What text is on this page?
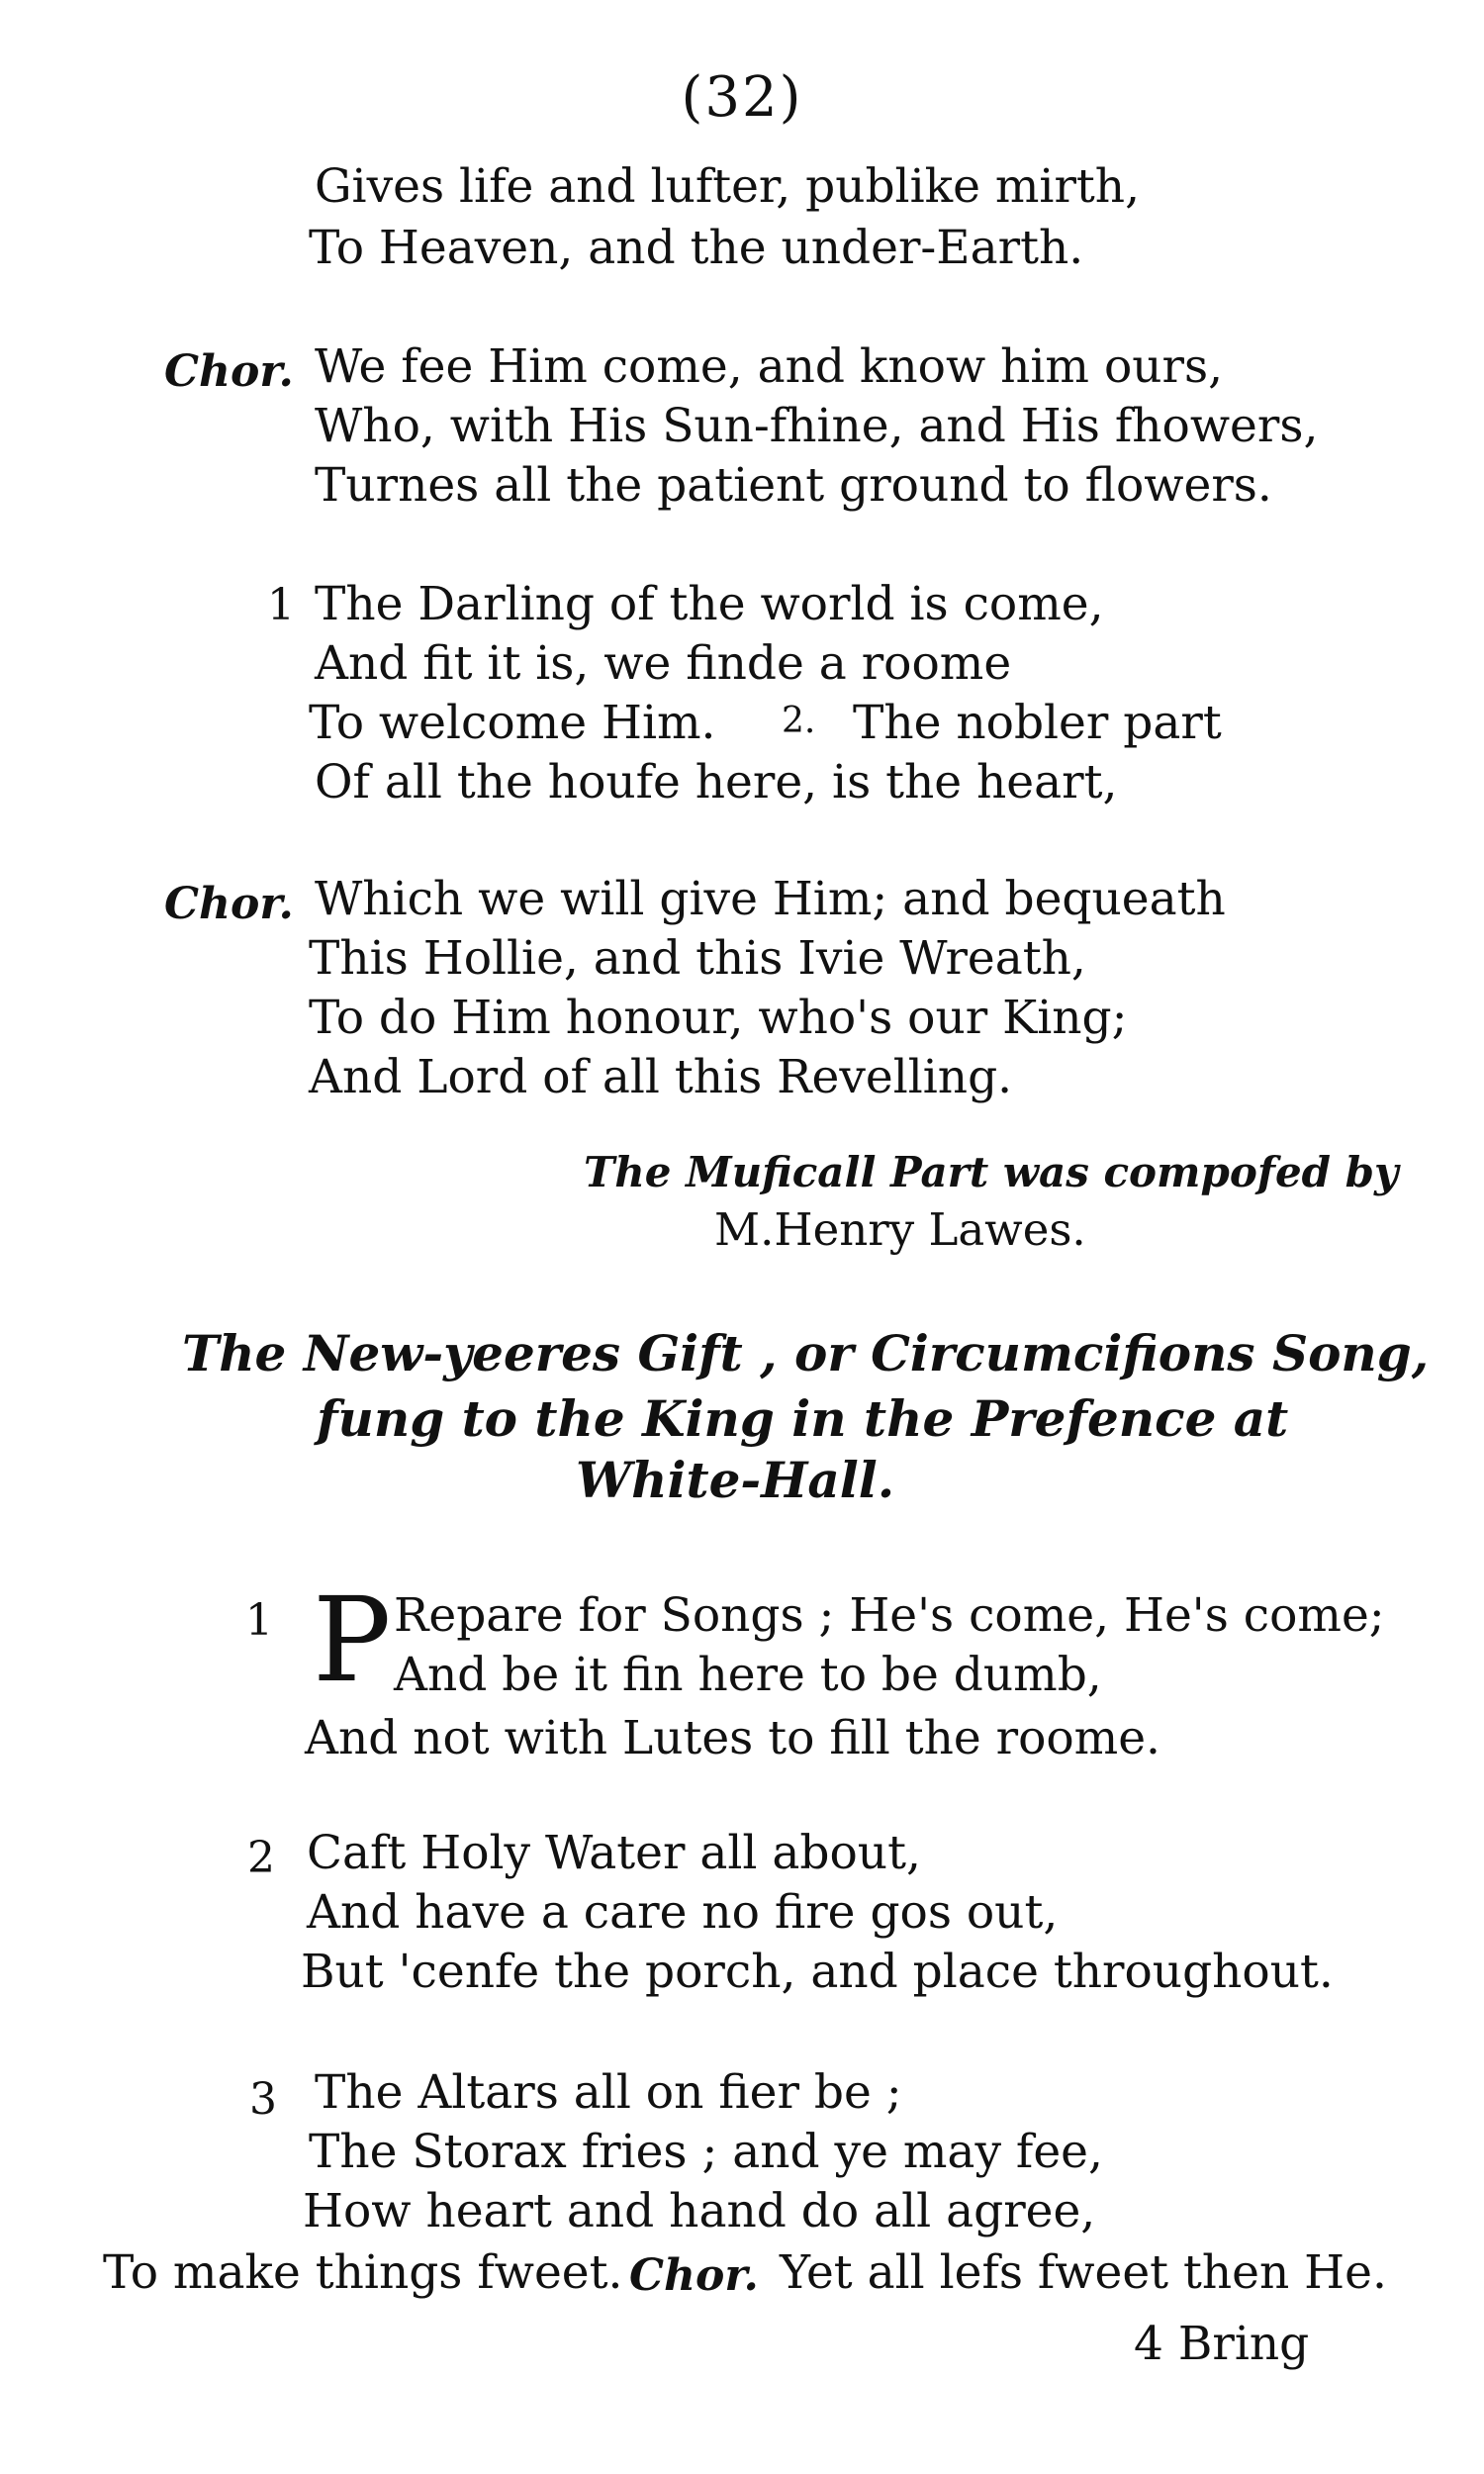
(32)
Gives life and lufter, publike mirth,
To Heaven, and the under-Earth.
Chor. We fee Him come, and know him ours,
Who, with His Sun-fhine, and His fhowers,
Turnes all the patient ground to flowers.
1 The Darling of the world is come,
And fit it is, we finde a roome
To welcome Him. 2. The nobler part
Of all the houfe here, is the heart,
Chor. Which we will give Him; and bequeath
This Hollie, and this Ivie Wreath,
To do Him honour, who's our King;
And Lord of all this Revelling.
The Muficall Part was compofed by
M.Henry Lawes.
The New-yeeres Gift , or Circumcifions Song,
fung to the King in the Prefence at
White-Hall.
1 P Repare for Songs ; He's come, He's come;
And be it fin here to be dumb,
And not with Lutes to fill the roome.
2 Caft Holy Water all about,
And have a care no fire gos out,
But 'cenfe the porch, and place throughout.
3 The Altars all on fier be ;
The Storax fries ; and ye may fee,
How heart and hand do all agree,
To make things fweet. Chor. Yet all lefs fweet then He.
4 Bring
